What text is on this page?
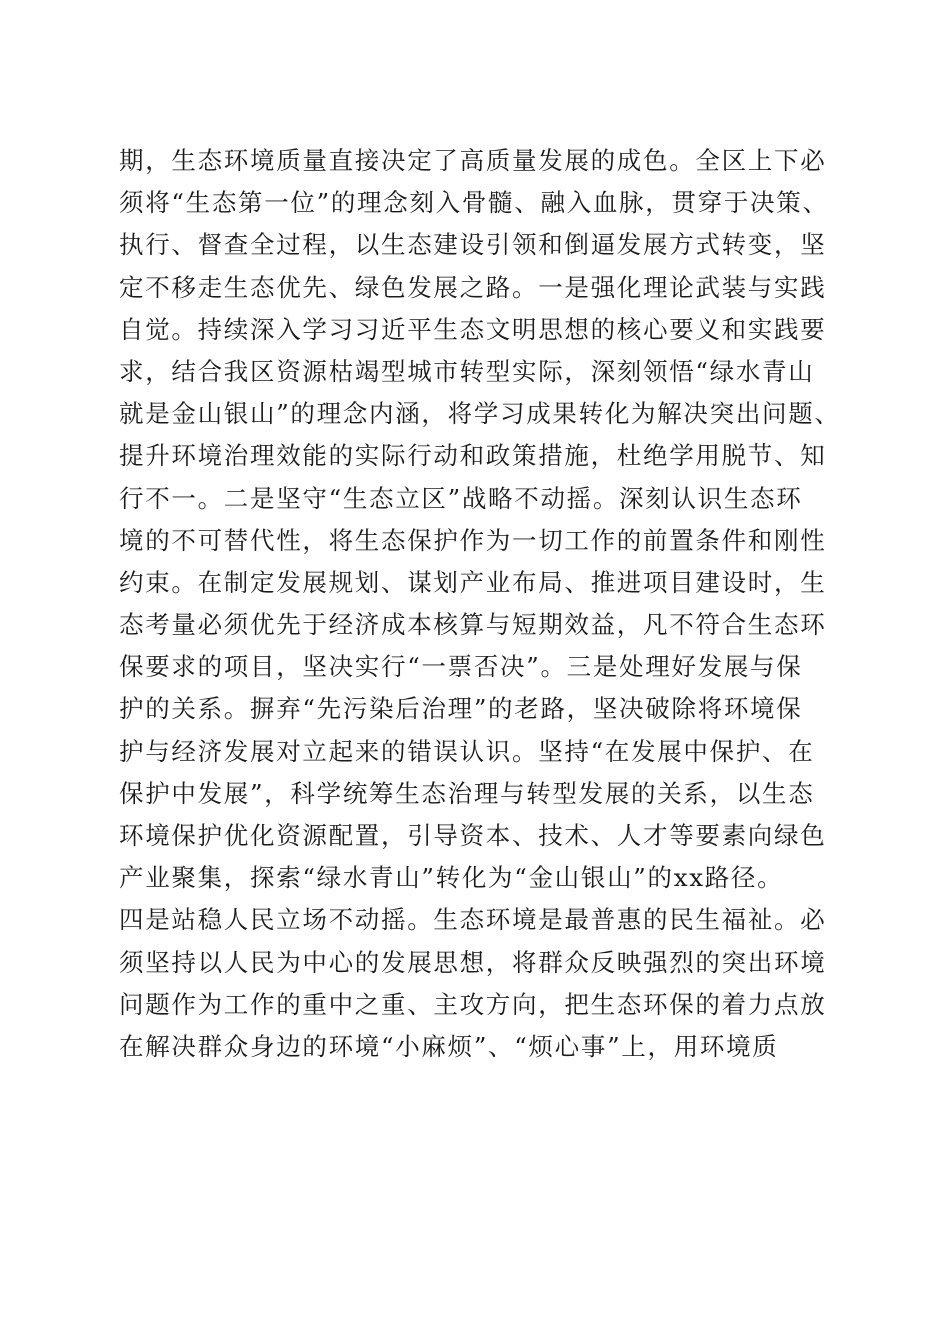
期，生态环境质量直接决定了高质量发展的成色。全区上下必
须将“生态第一位”的理念刻入骨髓、融入血脉，贯穿于决策、
执行、督查全过程，以生态建设引领和倒逼发展方式转变，坚
定不移走生态优先、绿色发展之路。一是强化理论武装与实践
自觉。持续深入学习习近平生态文明思想的核心要义和实践要
求，结合我区资源枯竭型城市转型实际，深刻领悟“绿水青山
就是金山银山”的理念内涵，将学习成果转化为解决突出问题、
提升环境治理效能的实际行动和政策措施，杜绝学用脱节、知
行不一。二是坚守“生态立区”战略不动摇。深刻认识生态环
境的不可替代性，将生态保护作为一切工作的前置条件和刚性
约束。在制定发展规划、谋划产业布局、推进项目建设时，生
态考量必须优先于经济成本核算与短期效益，凡不符合生态环
保要求的项目，坚决实行“一票否决”。三是处理好发展与保
护的关系。摒弃“先污染后治理”的老路，坚决破除将环境保
护与经济发展对立起来的错误认识。坚持“在发展中保护、在
保护中发展”，科学统筹生态治理与转型发展的关系，以生态
环境保护优化资源配置，引导资本、技术、人才等要素向绿色
产业聚集，探索“绿水青山”转化为“金山银山”的xx路径。
四是站稳人民立场不动摇。生态环境是最普惠的民生福祉。必
须坚持以人民为中心的发展思想，将群众反映强烈的突出环境
问题作为工作的重中之重、主攻方向，把生态环保的着力点放
在解决群众身边的环境“小麻烦”、“烦心事”上，用环境质
